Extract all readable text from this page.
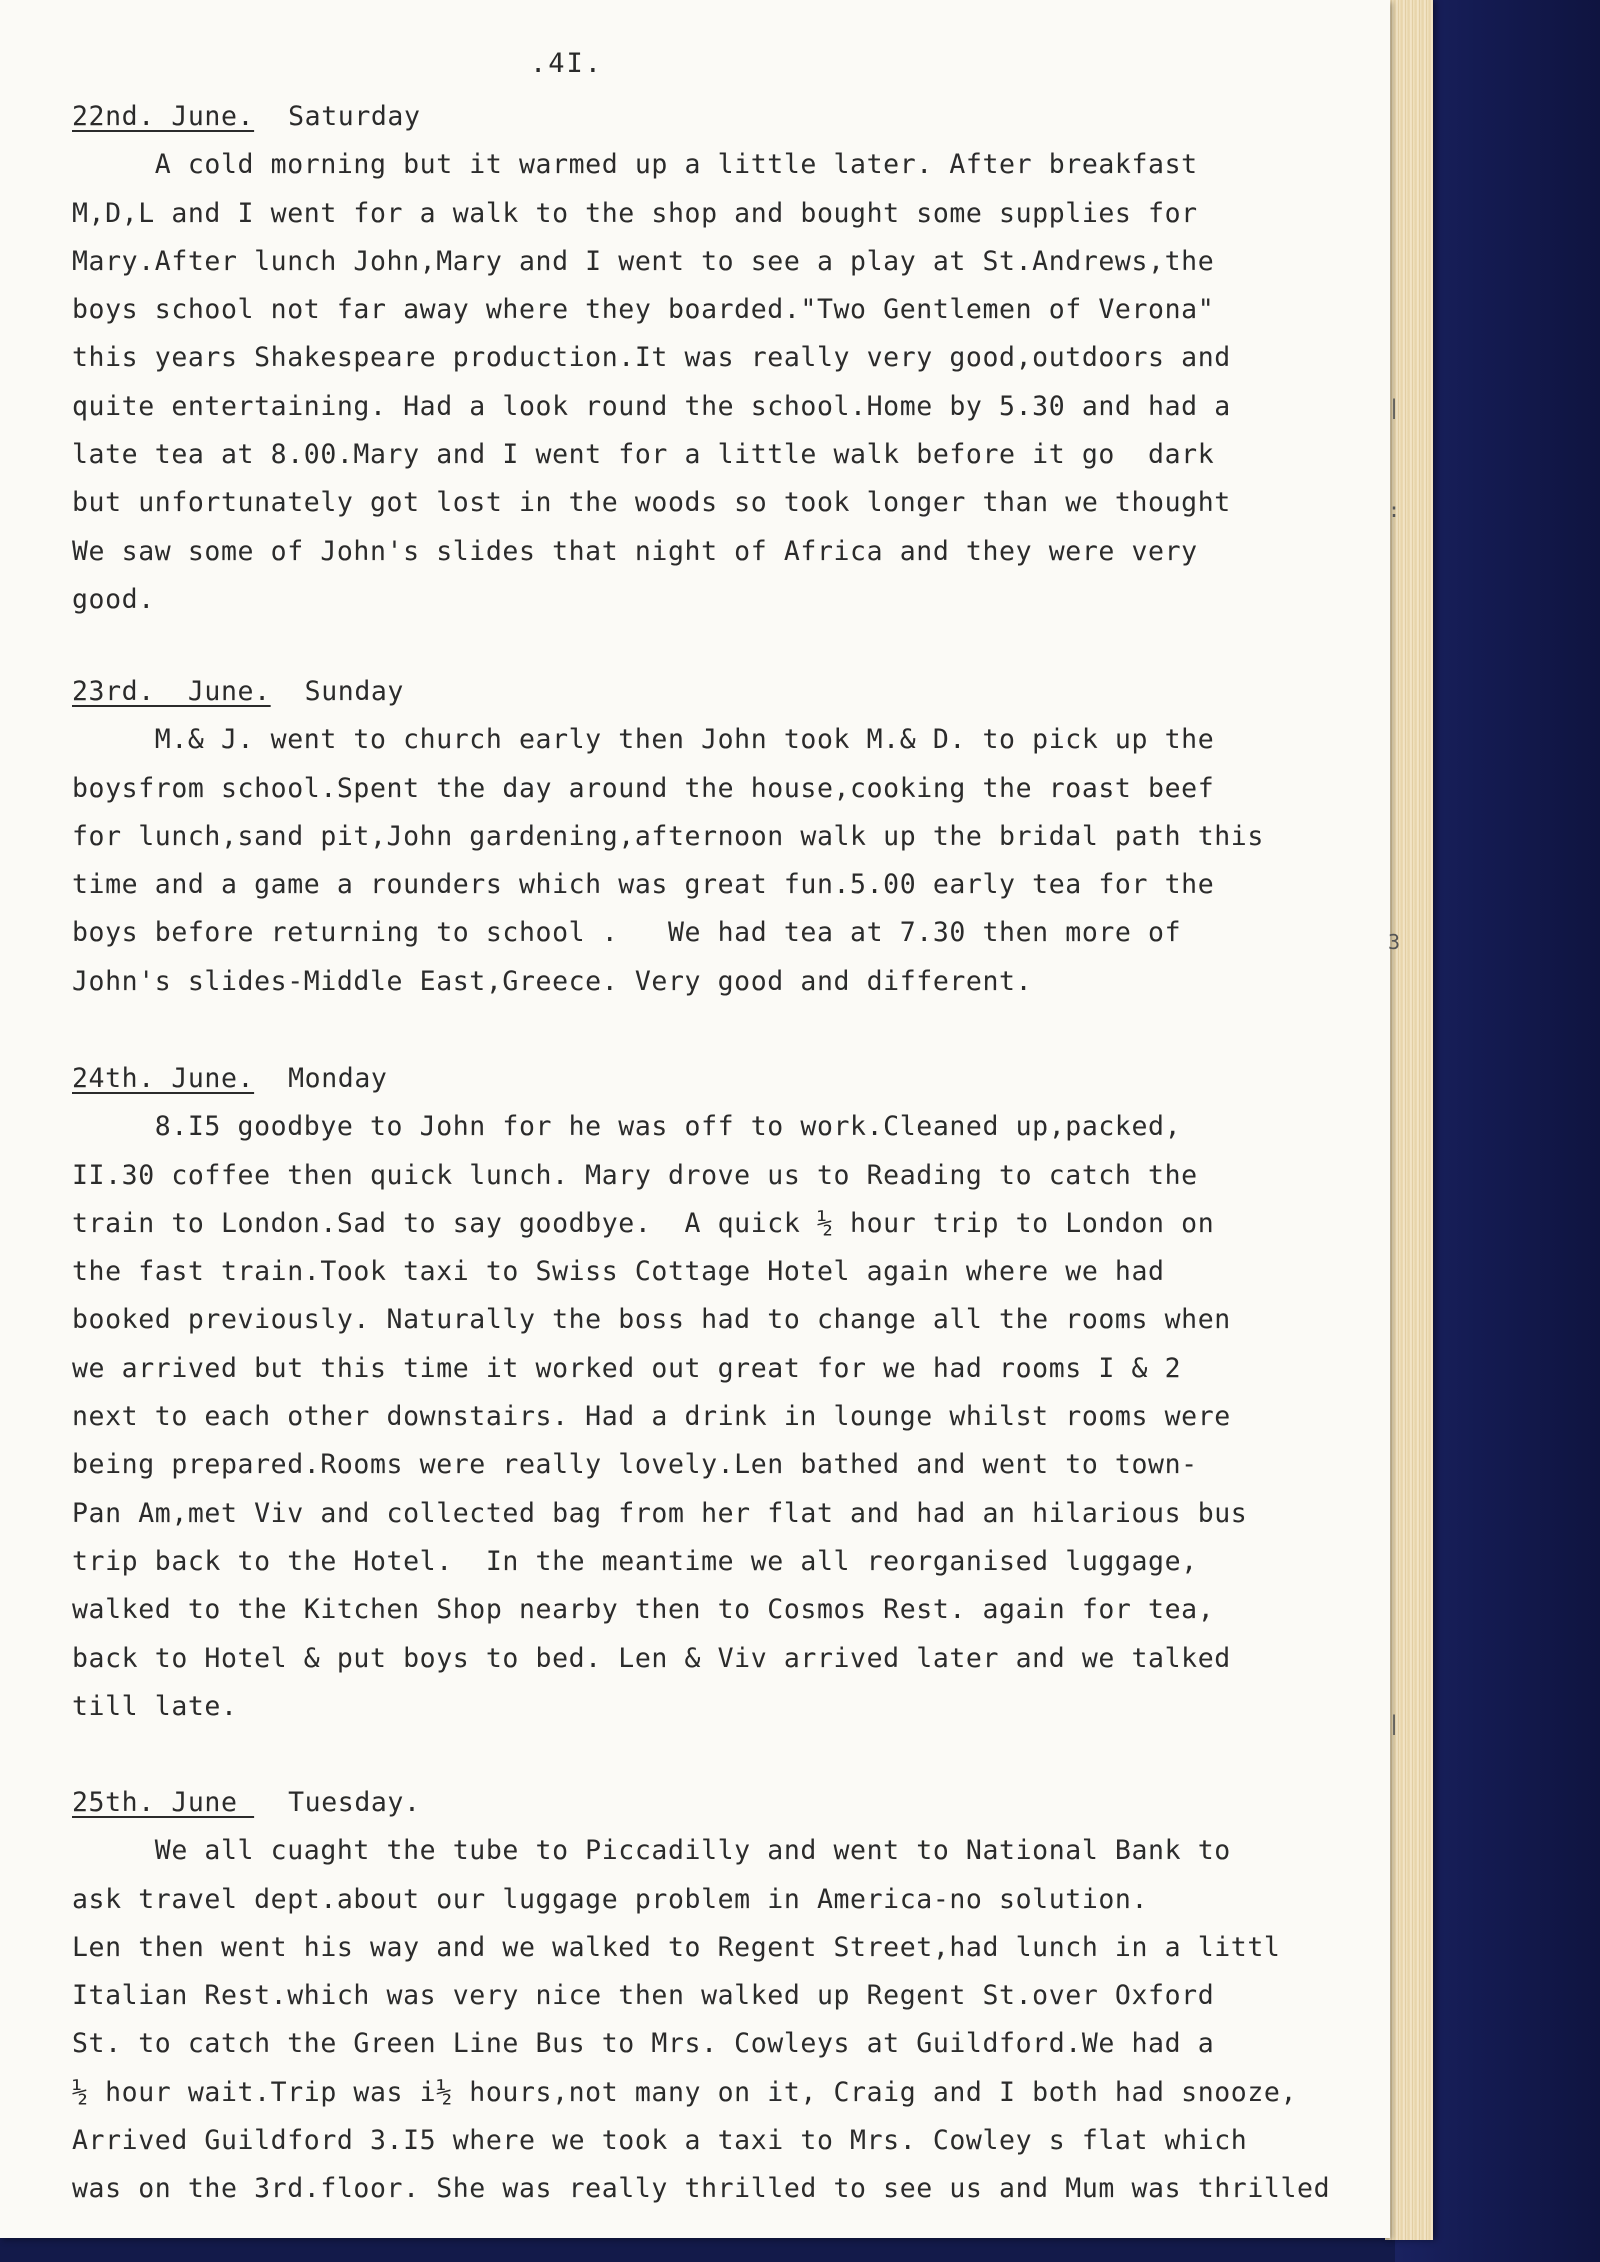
.4I.
22nd. June. Saturday
A cold morning but it warmed up a little later. After breakfast
M,D,L and I went for a walk to the shop and bought some supplies for
Mary.After lunch John,Mary and I went to see a play at St.Andrews,the
boys school not far away where they boarded."Two Gentlemen of Verona"
this years Shakespeare production.It was really very good,outdoors and
quite entertaining. Had a look round the school.Home by 5.30 and had a
late tea at 8.00.Mary and I went for a little walk before it go  dark
but unfortunately got lost in the woods so took longer than we thought
We saw some of John's slides that night of Africa and they were very
good.
23rd.  June. Sunday
M.& J. went to church early then John took M.& D. to pick up the
boysfrom school.Spent the day around the house,cooking the roast beef
for lunch,sand pit,John gardening,afternoon walk up the bridal path this
time and a game a rounders which was great fun.5.00 early tea for the
boys before returning to school .   We had tea at 7.30 then more of
John's slides-Middle East,Greece. Very good and different.
24th. June. Monday
8.I5 goodbye to John for he was off to work.Cleaned up,packed,
II.30 coffee then quick lunch. Mary drove us to Reading to catch the
train to London.Sad to say goodbye.  A quick ½ hour trip to London on
the fast train.Took taxi to Swiss Cottage Hotel again where we had
booked previously. Naturally the boss had to change all the rooms when
we arrived but this time it worked out great for we had rooms I & 2
next to each other downstairs. Had a drink in lounge whilst rooms were
being prepared.Rooms were really lovely.Len bathed and went to town-
Pan Am,met Viv and collected bag from her flat and had an hilarious bus
trip back to the Hotel.  In the meantime we all reorganised luggage,
walked to the Kitchen Shop nearby then to Cosmos Rest. again for tea,
back to Hotel & put boys to bed. Len & Viv arrived later and we talked
till late.
25th. June Tuesday.
We all cuaght the tube to Piccadilly and went to National Bank to
ask travel dept.about our luggage problem in America-no solution.
Len then went his way and we walked to Regent Street,had lunch in a littl
Italian Rest.which was very nice then walked up Regent St.over Oxford
St. to catch the Green Line Bus to Mrs. Cowleys at Guildford.We had a
½ hour wait.Trip was i½ hours,not many on it, Craig and I both had snooze,
Arrived Guildford 3.I5 where we took a taxi to Mrs. Cowley s flat which
was on the 3rd.floor. She was really thrilled to see us and Mum was thrilled
|
:
3
|
